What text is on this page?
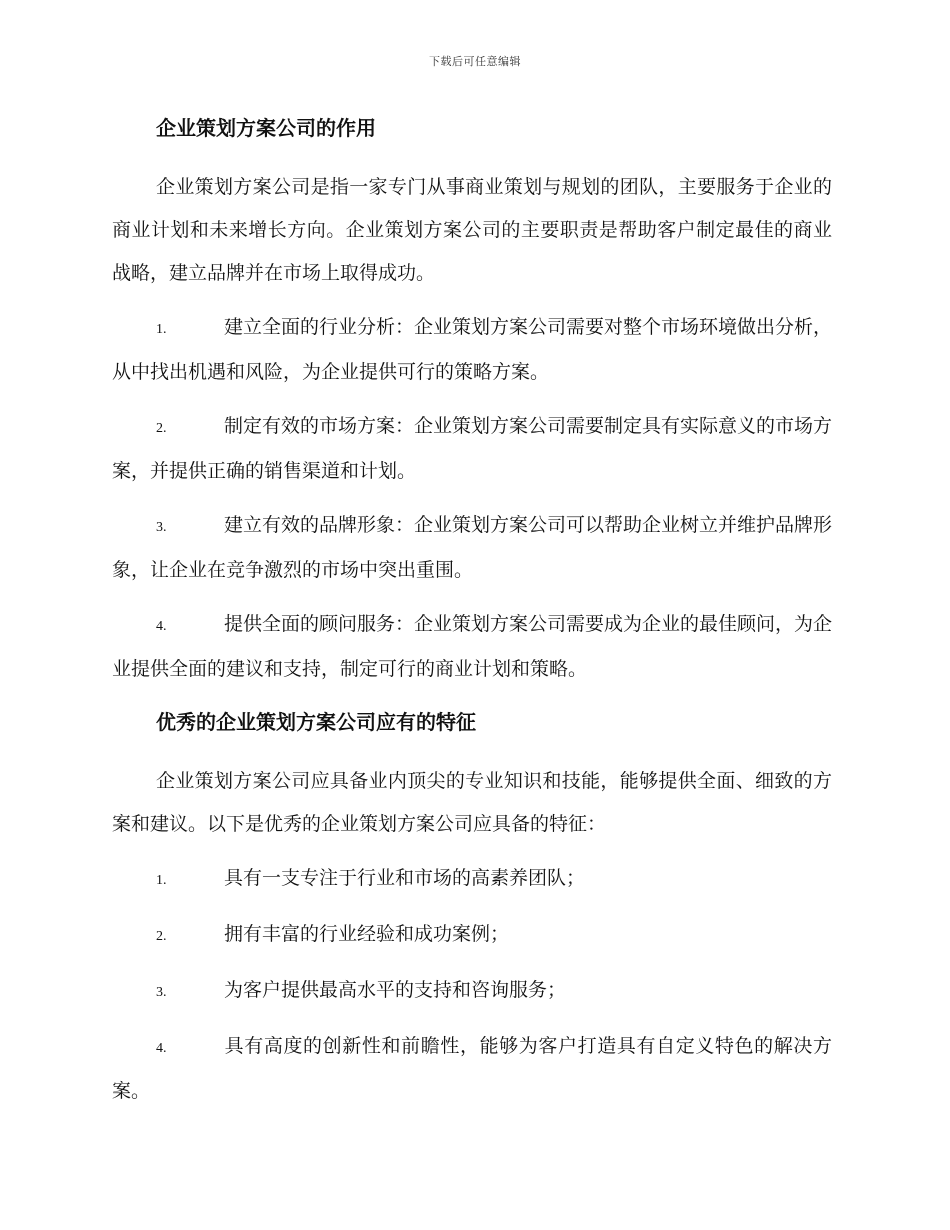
下载后可任意编辑
企业策划方案公司的作用

企业策划方案公司是指一家专门从事商业策划与规划的团队，主要服务于企业的商业计划和未来增长方向。企业策划方案公司的主要职责是帮助客户制定最佳的商业战略，建立品牌并在市场上取得成功。

1.	建立全面的行业分析：企业策划方案公司需要对整个市场环境做出分析，从中找出机遇和风险，为企业提供可行的策略方案。
2.	制定有效的市场方案：企业策划方案公司需要制定具有实际意义的市场方案，并提供正确的销售渠道和计划。
3.	建立有效的品牌形象：企业策划方案公司可以帮助企业树立并维护品牌形象，让企业在竞争激烈的市场中突出重围。
4.	提供全面的顾问服务：企业策划方案公司需要成为企业的最佳顾问，为企业提供全面的建议和支持，制定可行的商业计划和策略。
优秀的企业策划方案公司应有的特征

企业策划方案公司应具备业内顶尖的专业知识和技能，能够提供全面、细致的方案和建议。以下是优秀的企业策划方案公司应具备的特征：

1.	具有一支专注于行业和市场的高素养团队；
2.	拥有丰富的行业经验和成功案例；
3.	为客户提供最高水平的支持和咨询服务；
4.	具有高度的创新性和前瞻性，能够为客户打造具有自定义特色的解决方案。
